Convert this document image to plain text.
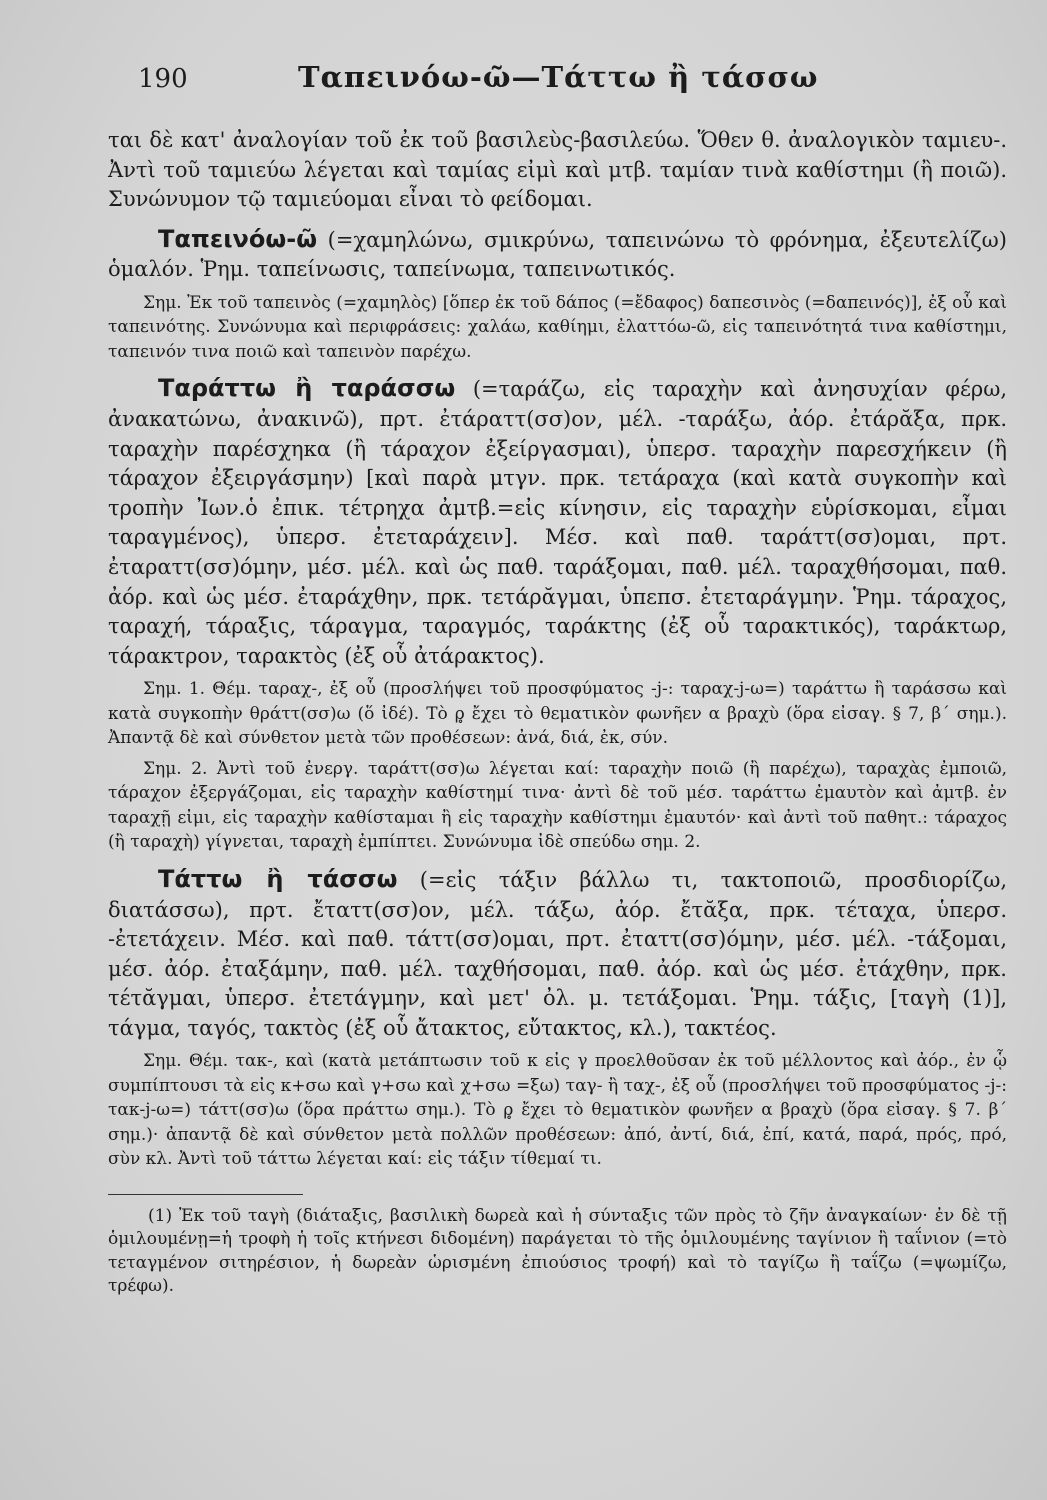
190	Ταπεινόω-ῶ—Τάττω ἢ τάσσω

ται δὲ κατ' ἀναλογίαν τοῦ ἐκ τοῦ βασιλεὺς-βασιλεύω. Ὅθεν θ. ἀναλογικὸν ταμιευ-. Ἀντὶ τοῦ ταμιεύω λέγεται καὶ ταμίας εἰμὶ καὶ μτβ. ταμίαν τινὰ καθίστημι (ἢ ποιῶ). Συνώνυμον τῷ ταμιεύομαι εἶναι τὸ φείδομαι.

Ταπεινόω-ῶ (=χαμηλώνω, σμικρύνω, ταπεινώνω τὸ φρόνημα, ἐξευτελίζω) ὁμαλόν. Ῥημ. ταπείνωσις, ταπείνωμα, ταπεινωτικός.

Σημ. Ἐκ τοῦ ταπεινὸς (=χαμηλὸς) [ὅπερ ἐκ τοῦ δάπος (=ἔδαφος) δαπεσινὸς (=δαπεινός)], ἐξ οὗ καὶ ταπεινότης. Συνώνυμα καὶ περιφράσεις: χαλάω, καθίημι, ἐλαττόω-ῶ, εἰς ταπεινότητά τινα καθίστημι, ταπεινόν τινα ποιῶ καὶ ταπεινὸν παρέχω.

Ταράττω ἢ ταράσσω (=ταράζω, εἰς ταραχὴν καὶ ἀνησυχίαν φέρω, ἀνακατώνω, ἀνακινῶ), πρτ. ἐτάραττ(σσ)ον, μέλ. -ταράξω, ἀόρ. ἐτάρᾰξα, πρκ. ταραχὴν παρέσχηκα (ἢ τάραχον ἐξείργασμαι), ὑπερσ. ταραχὴν παρεσχήκειν (ἢ τάραχον ἐξειργάσμην) [καὶ παρὰ μτγν. πρκ. τετάραχα (καὶ κατὰ συγκοπὴν καὶ τροπὴν Ἰων.ὁ ἐπικ. τέτρηχα ἀμτβ.=εἰς κίνησιν, εἰς ταραχὴν εὑρίσκομαι, εἶμαι ταραγμένος), ὑπερσ. ἐτεταράχειν]. Μέσ. καὶ παθ. ταράττ(σσ)ομαι, πρτ. ἐταραττ(σσ)όμην, μέσ. μέλ. καὶ ὡς παθ. ταράξομαι, παθ. μέλ. ταραχθήσομαι, παθ. ἀόρ. καὶ ὡς μέσ. ἐταράχθην, πρκ. τετάρᾰγμαι, ὑπεπσ. ἐτεταράγμην. Ῥημ. τάραχος, ταραχή, τάραξις, τάραγμα, ταραγμός, ταράκτης (ἐξ οὗ ταρακτικός), ταράκτωρ, τάρακτρον, ταρακτὸς (ἐξ οὗ ἀτάρακτος).

Σημ. 1. Θέμ. ταραχ-, ἐξ οὗ (προσλήψει τοῦ προσφύματος -j-: ταραχ-j-ω=) ταράττω ἢ ταράσσω καὶ κατὰ συγκοπὴν θράττ(σσ)ω (ὅ ἰδέ). Τὸ ρ̥ ἔχει τὸ θεματικὸν φωνῆεν α βραχὺ (ὅρα εἰσαγ. § 7, β΄ σημ.). Ἀπαντᾷ δὲ καὶ σύνθετον μετὰ τῶν προθέσεων: ἀνά, διά, ἐκ, σύν.

Σημ. 2. Ἀντὶ τοῦ ἐνεργ. ταράττ(σσ)ω λέγεται καί: ταραχὴν ποιῶ (ἢ παρέχω), ταραχὰς ἐμποιῶ, τάραχον ἐξεργάζομαι, εἰς ταραχὴν καθίστημί τινα· ἀντὶ δὲ τοῦ μέσ. ταράττω ἐμαυτὸν καὶ ἀμτβ. ἐν ταραχῇ εἰμι, εἰς ταραχὴν καθίσταμαι ἢ εἰς ταραχὴν καθίστημι ἐμαυτόν· καὶ ἀντὶ τοῦ παθητ.: τάραχος (ἢ ταραχὴ) γίγνεται, ταραχὴ ἐμπίπτει. Συνώνυμα ἰδὲ σπεύδω σημ. 2.

Τάττω ἢ τάσσω (=εἰς τάξιν βάλλω τι, τακτοποιῶ, προσδιορίζω, διατάσσω), πρτ. ἔταττ(σσ)ον, μέλ. τάξω, ἀόρ. ἔτᾰξα, πρκ. τέταχα, ὑπερσ. -ἐτετάχειν. Μέσ. καὶ παθ. τάττ(σσ)ομαι, πρτ. ἐταττ(σσ)όμην, μέσ. μέλ. -τάξομαι, μέσ. ἀόρ. ἐταξάμην, παθ. μέλ. ταχθήσομαι, παθ. ἀόρ. καὶ ὡς μέσ. ἐτάχθην, πρκ. τέτᾰγμαι, ὑπερσ. ἐτετάγμην, καὶ μετ' ὀλ. μ. τετάξομαι. Ῥημ. τάξις, [ταγὴ (1)], τάγμα, ταγός, τακτὸς (ἐξ οὗ ἄτακτος, εὔτακτος, κλ.), τακτέος.

Σημ. Θέμ. τακ-, καὶ (κατὰ μετάπτωσιν τοῦ κ εἰς γ προελθοῦσαν ἐκ τοῦ μέλλοντος καὶ ἀόρ., ἐν ᾧ συμπίπτουσι τὰ εἰς κ+σω καὶ γ+σω καὶ χ+σω =ξω) ταγ- ἢ ταχ-, ἐξ οὗ (προσλήψει τοῦ προσφύματος -j-: τακ-j-ω=) τάττ(σσ)ω (ὅρα πράττω σημ.). Τὸ ρ̥ ἔχει τὸ θεματικὸν φωνῆεν α βραχὺ (ὅρα εἰσαγ. § 7. β΄ σημ.)· ἀπαντᾷ δὲ καὶ σύνθετον μετὰ πολλῶν προθέσεων: ἀπό, ἀντί, διά, ἐπί, κατά, παρά, πρός, πρό, σὺν κλ. Ἀντὶ τοῦ τάττω λέγεται καί: εἰς τάξιν τίθεμαί τι.

(1) Ἐκ τοῦ ταγὴ (διάταξις, βασιλικὴ δωρεὰ καὶ ἡ σύνταξις τῶν πρὸς τὸ ζῆν ἀναγκαίων· ἐν δὲ τῇ ὁμιλουμένῃ=ἡ τροφὴ ἡ τοῖς κτήνεσι διδομένη) παράγεται τὸ τῆς ὁμιλουμένης ταγίνιον ἢ ταΐνιον (=τὸ τεταγμένον σιτηρέσιον, ἡ δωρεὰν ὡρισμένη ἐπιούσιος τροφή) καὶ τὸ ταγίζω ἢ ταΐζω (=ψωμίζω, τρέφω).
